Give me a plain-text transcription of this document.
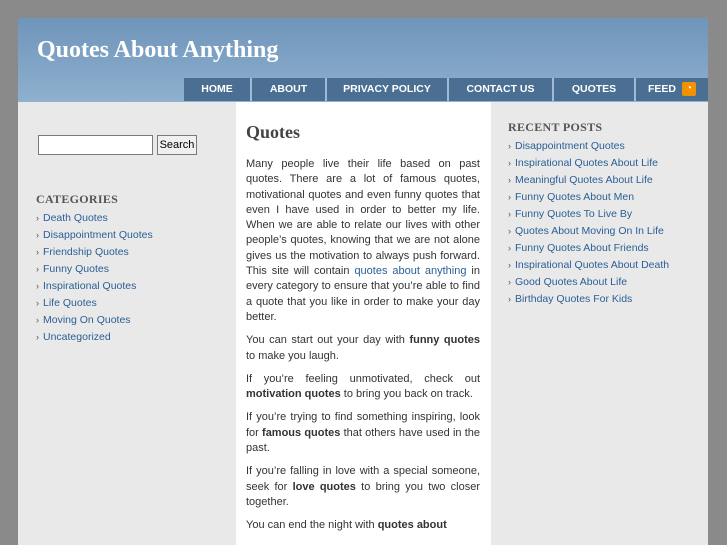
Quotes About Anything
HOME	ABOUT	PRIVACY POLICY	CONTACT US	QUOTES	FEED ◔
Search
CATEGORIES
› Death Quotes
› Disappointment Quotes
› Friendship Quotes
› Funny Quotes
› Inspirational Quotes
› Life Quotes
› Moving On Quotes
› Uncategorized
Quotes

Many people live their life based on past quotes. There are a lot of famous quotes, motivational quotes and even funny quotes that even I have used in order to better my life. When we are able to relate our lives with other people’s quotes, knowing that we are not alone gives us the motivation to always push forward. This site will contain quotes about anything in every category to ensure that you’re able to find a quote that you like in order to make your day better.

You can start out your day with funny quotes to make you laugh.

If you’re feeling unmotivated, check out motivation quotes to bring you back on track.

If you’re trying to find something inspiring, look for famous quotes that others have used in the past.

If you’re falling in love with a special someone, seek for love quotes to bring you two closer together.

You can end the night with quotes about

RECENT POSTS
› Disappointment Quotes
› Inspirational Quotes About Life
› Meaningful Quotes About Life
› Funny Quotes About Men
› Funny Quotes To Live By
› Quotes About Moving On In Life
› Funny Quotes About Friends
› Inspirational Quotes About Death
› Good Quotes About Life
› Birthday Quotes For Kids
